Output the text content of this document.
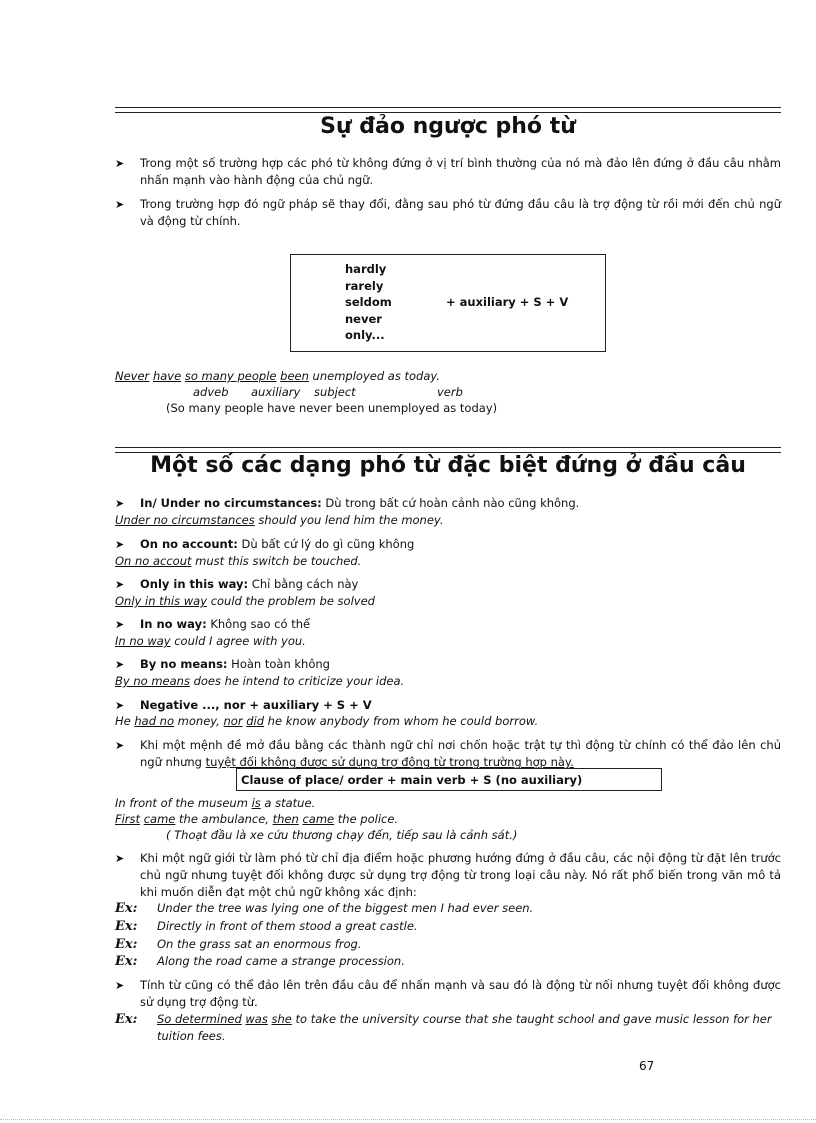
Sự đảo ngược phó từ
➤ Trong một số trường hợp các phó từ không đứng ở vị trí bình thường của nó mà đảo lên đứng ở đầu câu nhằm nhấn mạnh vào hành động của chủ ngữ.
➤ Trong trường hợp đó ngữ pháp sẽ thay đổi, đằng sau phó từ đứng đầu câu là trợ động từ rồi mới đến chủ ngữ và động từ chính.
hardly
rarely
seldom
never
only...
+ auxiliary + S + V
Never have so many people been unemployed as today.
adveb auxiliary subject	verb
(So many people have never been unemployed as today)
Một số các dạng phó từ đặc biệt đứng ở đầu câu
➤ In/ Under no circumstances: Dù trong bất cứ hoàn cảnh nào cũng không.
Under no circumstances should you lend him the money.
➤ On no account: Dù bất cứ lý do gì cũng không
On no accout must this switch be touched.
➤ Only in this way: Chỉ bằng cách này
Only in this way could the problem be solved
➤ In no way: Không sao có thể
In no way could I agree with you.
➤ By no means: Hoàn toàn không
By no means does he intend to criticize your idea.
➤ Negative ..., nor + auxiliary + S + V
He had no money, nor did he know anybody from whom he could borrow.
➤ Khi một mệnh đề mở đầu bằng các thành ngữ chỉ nơi chốn hoặc trật tự thì động từ chính có thể đảo lên chủ ngữ nhưng tuyệt đối không được sử dụng trợ động từ trong trường hợp này.
Clause of place/ order + main verb + S (no auxiliary)
In front of the museum is a statue.
First came the ambulance, then came the police.
( Thoạt đầu là xe cứu thương chạy đến, tiếp sau là cảnh sát.)
➤ Khi một ngữ giới từ làm phó từ chỉ địa điểm hoặc phương hướng đứng ở đầu câu, các nội động từ đặt lên trước chủ ngữ nhưng tuyệt đối không được sử dụng trợ động từ trong loại câu này. Nó rất phổ biến trong văn mô tả khi muốn diễn đạt một chủ ngữ không xác định:
Ex: Under the tree was lying one of the biggest men I had ever seen.
Ex: Directly in front of them stood a great castle.
Ex: On the grass sat an enormous frog.
Ex: Along the road came a strange procession.
➤ Tính từ cũng có thể đảo lên trên đầu câu để nhấn mạnh và sau đó là động từ nối nhưng tuyệt đối không được sử dụng trợ động từ.
Ex: So determined was she to take the university course that she taught school and gave music lesson for her tuition fees.
67
